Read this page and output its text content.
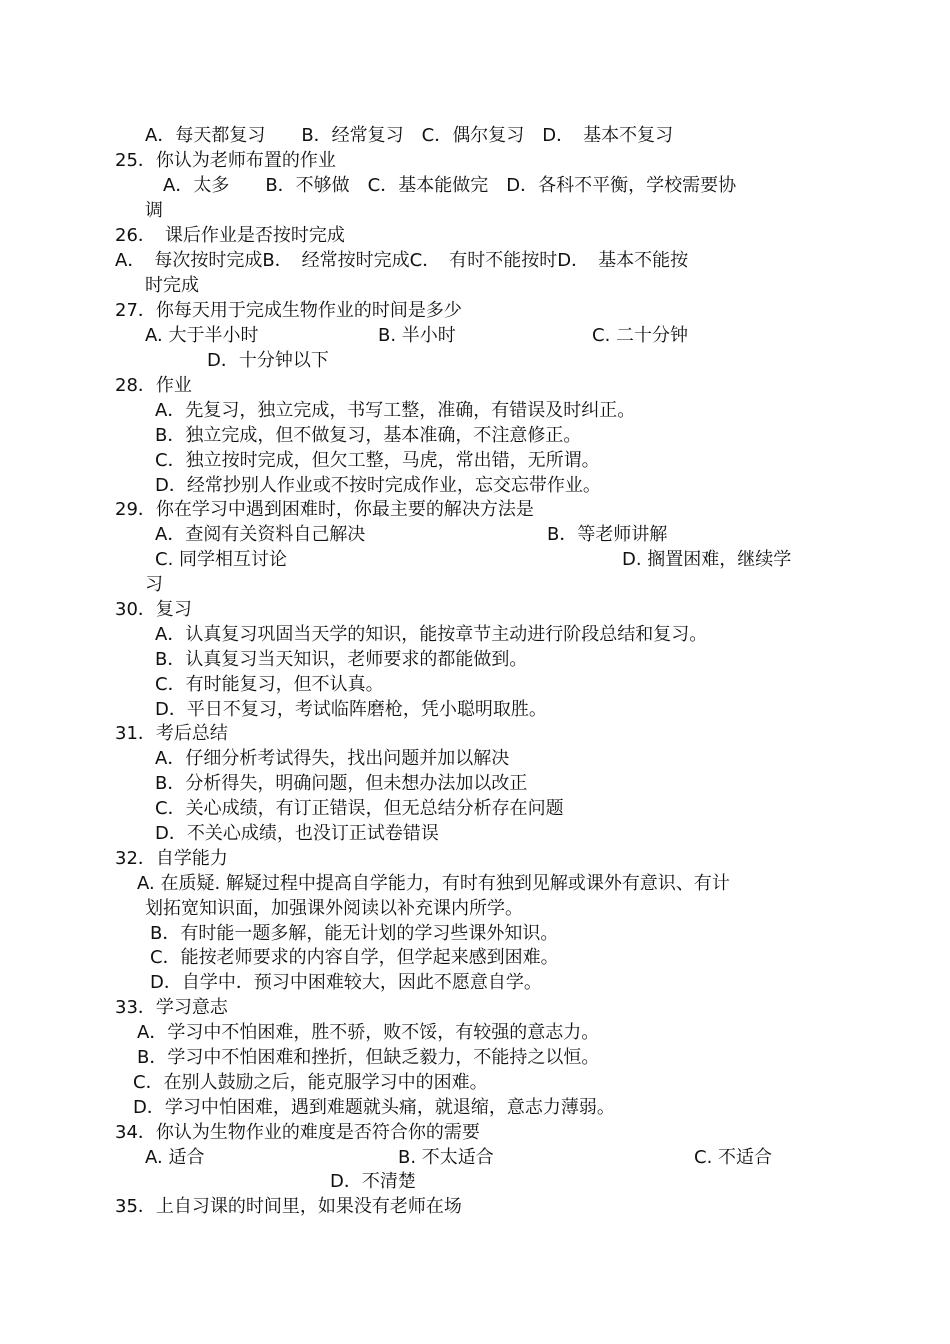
A．每天都复习　　B．经常复习　C．偶尔复习　D．　基本不复习
25．你认为老师布置的作业
A．太多　　B．不够做　C．基本能做完　D．各科不平衡，学校需要协
调
26．　课后作业是否按时完成
A．　每次按时完成B．　经常按时完成C．　有时不能按时D．　基本不能按
时完成
27．你每天用于完成生物作业的时间是多少
A. 大于半小时	B. 半小时	C. 二十分钟
D．十分钟以下
28．作业
A．先复习，独立完成，书写工整，准确，有错误及时纠正。
B．独立完成，但不做复习，基本准确，不注意修正。
C．独立按时完成，但欠工整，马虎，常出错，无所谓。
D．经常抄别人作业或不按时完成作业，忘交忘带作业。
29．你在学习中遇到困难时，你最主要的解决方法是
A．查阅有关资料自己解决	B．等老师讲解
C. 同学相互讨论	D. 搁置困难，继续学
习
30．复习
A．认真复习巩固当天学的知识，能按章节主动进行阶段总结和复习。
B．认真复习当天知识，老师要求的都能做到。
C．有时能复习，但不认真。
D．平日不复习，考试临阵磨枪，凭小聪明取胜。
31．考后总结
A．仔细分析考试得失，找出问题并加以解决
B．分析得失，明确问题，但未想办法加以改正
C．关心成绩，有订正错误，但无总结分析存在问题
D．不关心成绩，也没订正试卷错误
32．自学能力
A. 在质疑. 解疑过程中提高自学能力，有时有独到见解或课外有意识、有计
划拓宽知识面，加强课外阅读以补充课内所学。
B．有时能一题多解，能无计划的学习些课外知识。
C．能按老师要求的内容自学，但学起来感到困难。
D．自学中．预习中困难较大，因此不愿意自学。
33．学习意志
A．学习中不怕困难，胜不骄，败不馁，有较强的意志力。
B．学习中不怕困难和挫折，但缺乏毅力，不能持之以恒。
C．在别人鼓励之后，能克服学习中的困难。
D．学习中怕困难，遇到难题就头痛，就退缩，意志力薄弱。
34．你认为生物作业的难度是否符合你的需要
A. 适合	B. 不太适合	C. 不适合
D．不清楚
35．上自习课的时间里，如果没有老师在场
